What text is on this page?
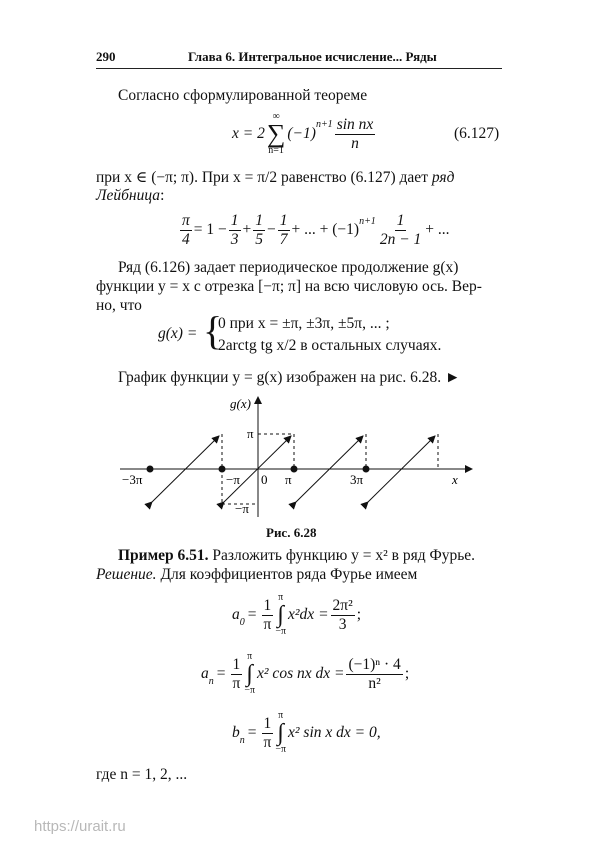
290	Глава 6. Интегральное исчисление... Ряды
Согласно сформулированной теореме
x = 2
∞
∑
n=1
(−1)
$^{n+1} \frac{\text{sin nx}}{n}$	(6.127)
при x ∈ (−π; π). При x = π/2 равенство (6.127) дает ряд
Лейбница:
$\frac{\pi}{4} = 1 - \frac{1}{3} + \frac{1}{5} - \frac{1}{7}$ + ... + $(-1)^{n+1} \frac{1}{2n - 1}$ + ...
Ряд (6.126) задает периодическое продолжение g(x)
функции y = x с отрезка [−π; π] на всю числовую ось. Вер-
но, что
g(x) = {
0 при x = ±π, ±3π, ±5π, ... ;
2arctg tg x/2 в остальных случаях.
График функции y = g(x) изображен на рис. 6.28. ►
g(x)
x
π
−π
−3π	−π 0 π	3π
Рис. 6.28
Пример 6.51. Разложить функцию y = x² в ряд Фурье.
Решение. Для коэффициентов ряда Фурье имеем
$a_0 = \frac{1}{\pi}$ π
∫
−π
$x^2dx = \frac{\text{2π²}}{3}$ ;
$a_n = \frac{1}{\pi}$ π
∫
−π
x² cos nx dx = $\frac{\text{(−1)ⁿ · 4}}{\text{n²}}$ ;
$b_n = \frac{1}{\pi}$ π
∫
−π
x² sin x dx = 0,
где n = 1, 2, ...
https://urait.ru
